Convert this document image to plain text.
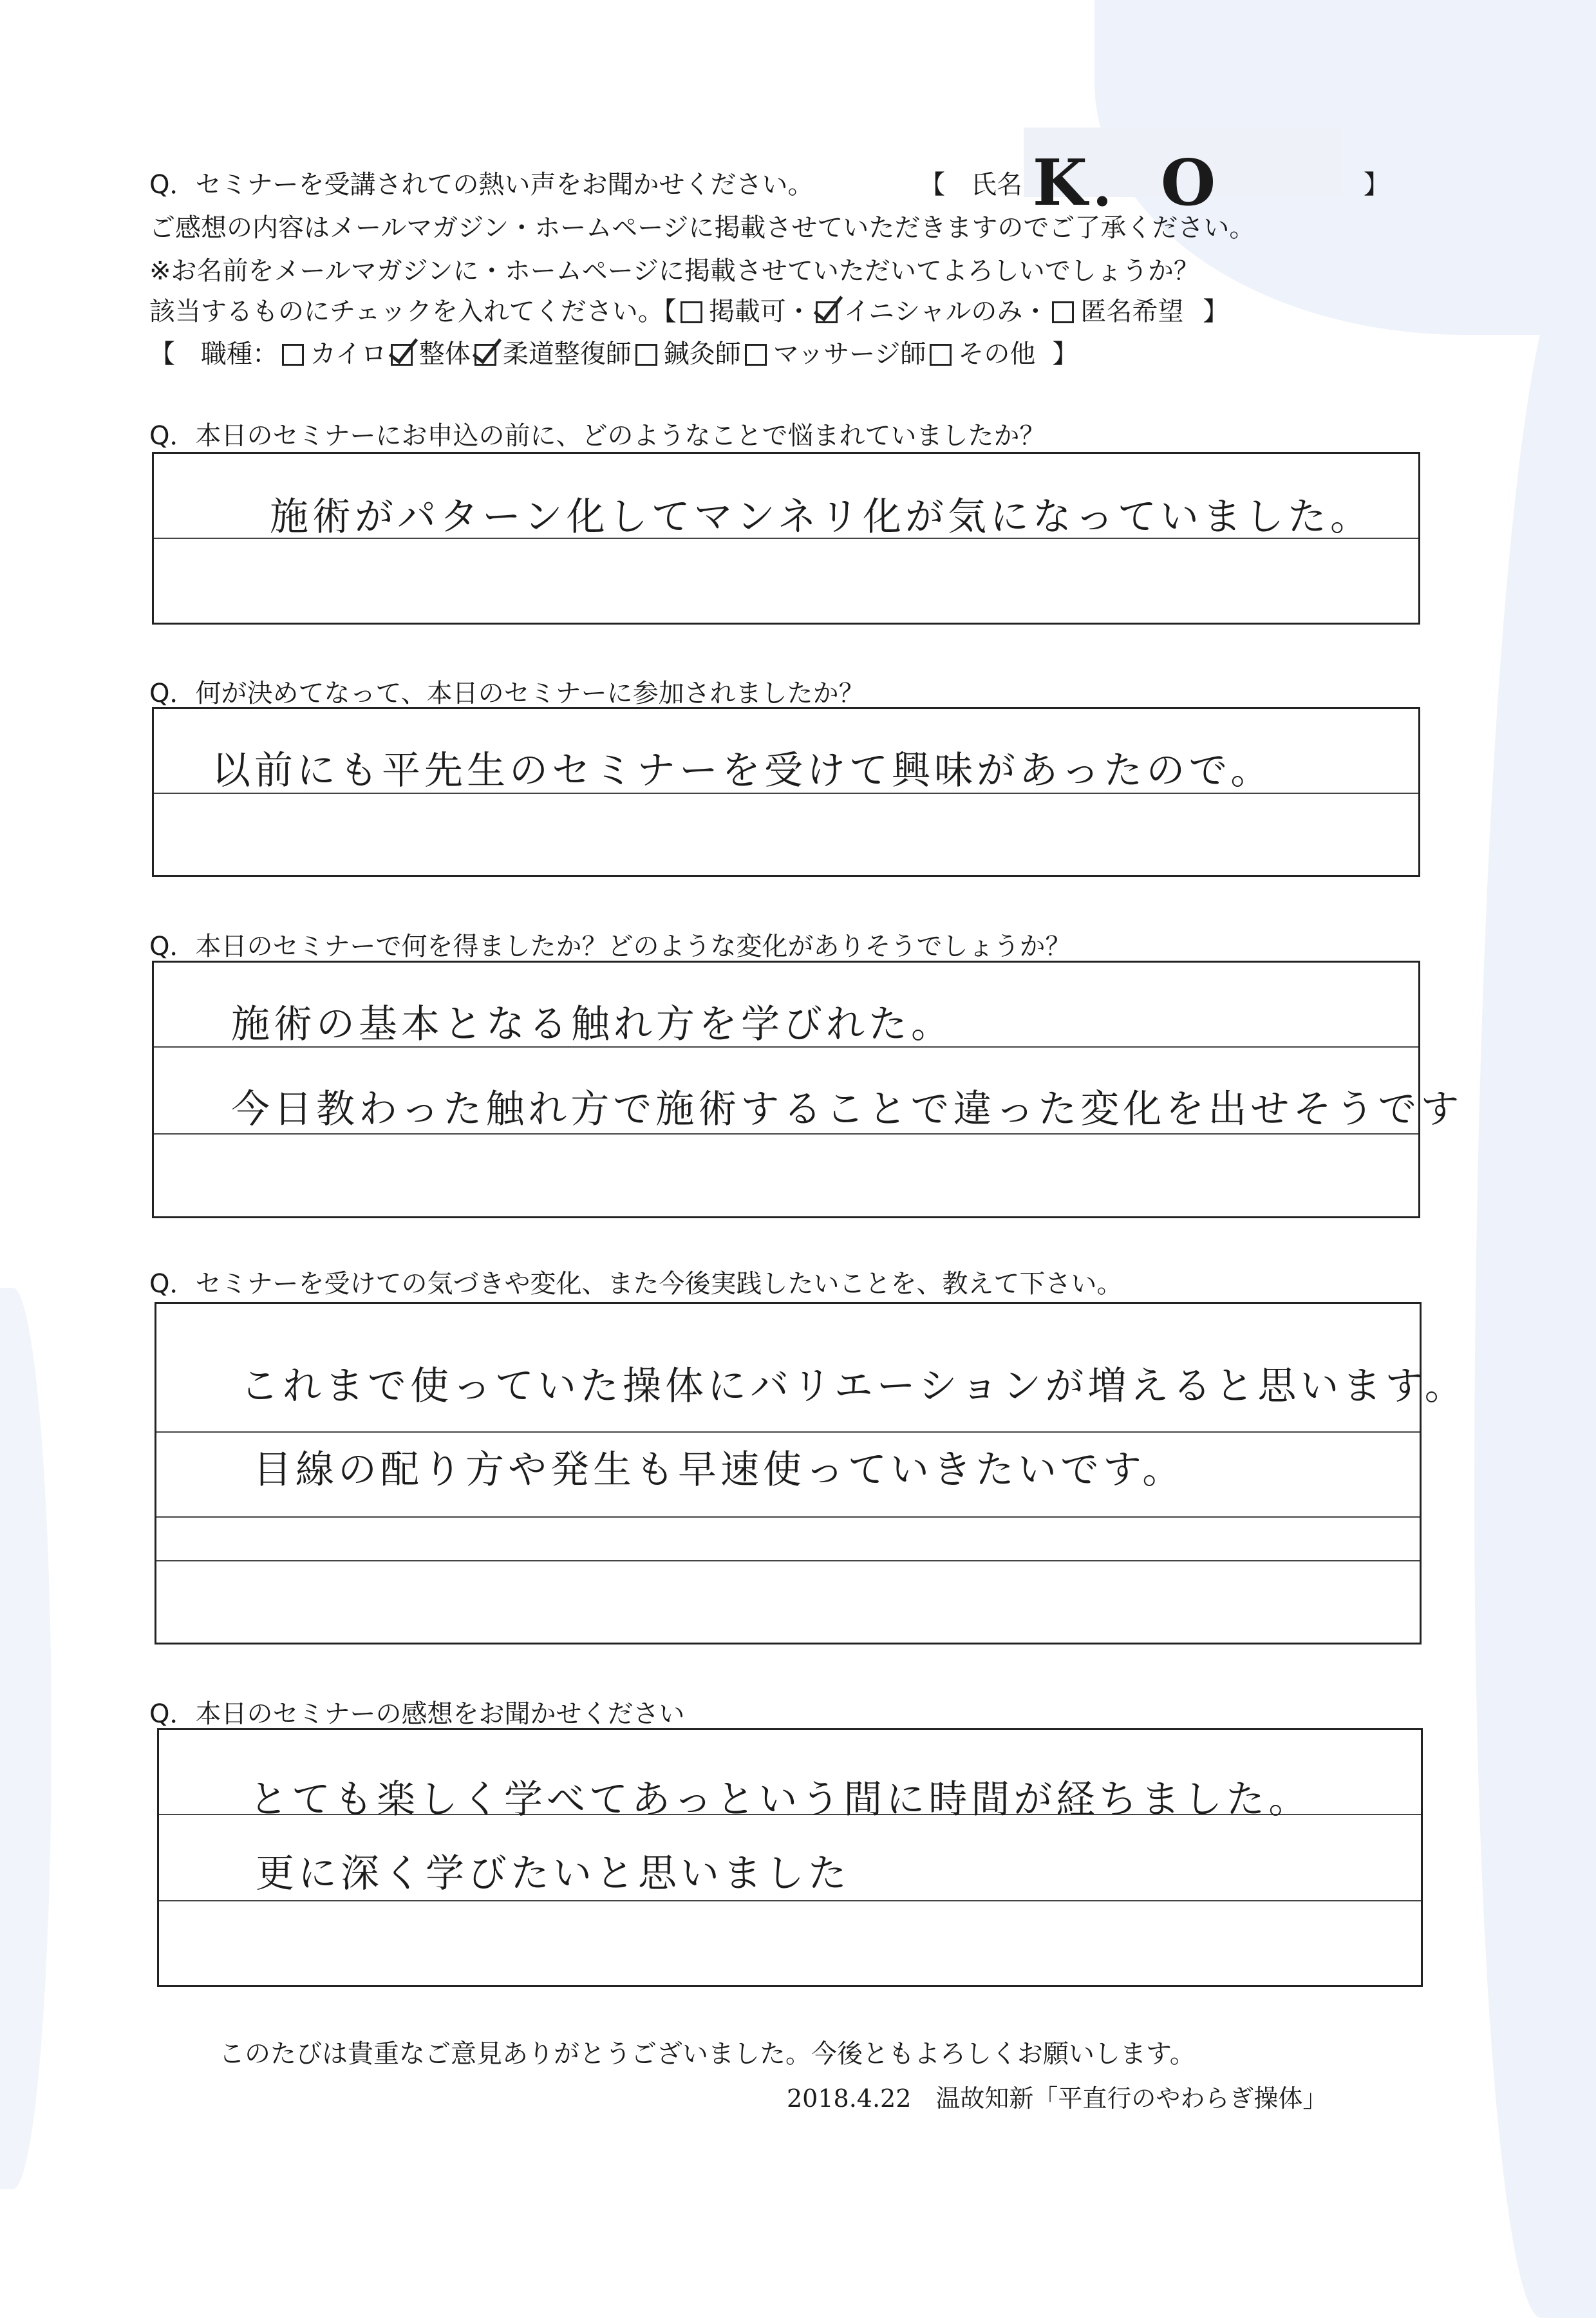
Q．セミナーを受講されての熱い声をお聞かせください。	【　氏名 K．O	】
ご感想の内容はメールマガジン・ホームページに掲載させていただきますのでご了承ください。
※お名前をメールマガジンに・ホームページに掲載させていただいてよろしいでしょうか？
該当するものにチェックを入れてください。【 掲載可・ イニシャルのみ・ 匿名希望 】
【　職種： カイロ 整体 柔道整復師 鍼灸師 マッサージ師 その他 】
Q．本日のセミナーにお申込の前に、どのようなことで悩まれていましたか？
施術がパターン化してマンネリ化が気になっていました。
Q．何が決めてなって、本日のセミナーに参加されましたか？
以前にも平先生のセミナーを受けて興味があったので。
Q．本日のセミナーで何を得ましたか？どのような変化がありそうでしょうか？
施術の基本となる触れ方を学びれた。
今日教わった触れ方で施術することで違った変化を出せそうです
Q．セミナーを受けての気づきや変化、また今後実践したいことを、教えて下さい。
これまで使っていた操体にバリエーションが増えると思います。
目線の配り方や発生も早速使っていきたいです。
Q．本日のセミナーの感想をお聞かせください
とても楽しく学べてあっという間に時間が経ちました。
更に深く学びたいと思いました
このたびは貴重なご意見ありがとうございました。今後ともよろしくお願いします。
2018.4.22　温故知新「平直行のやわらぎ操体」
